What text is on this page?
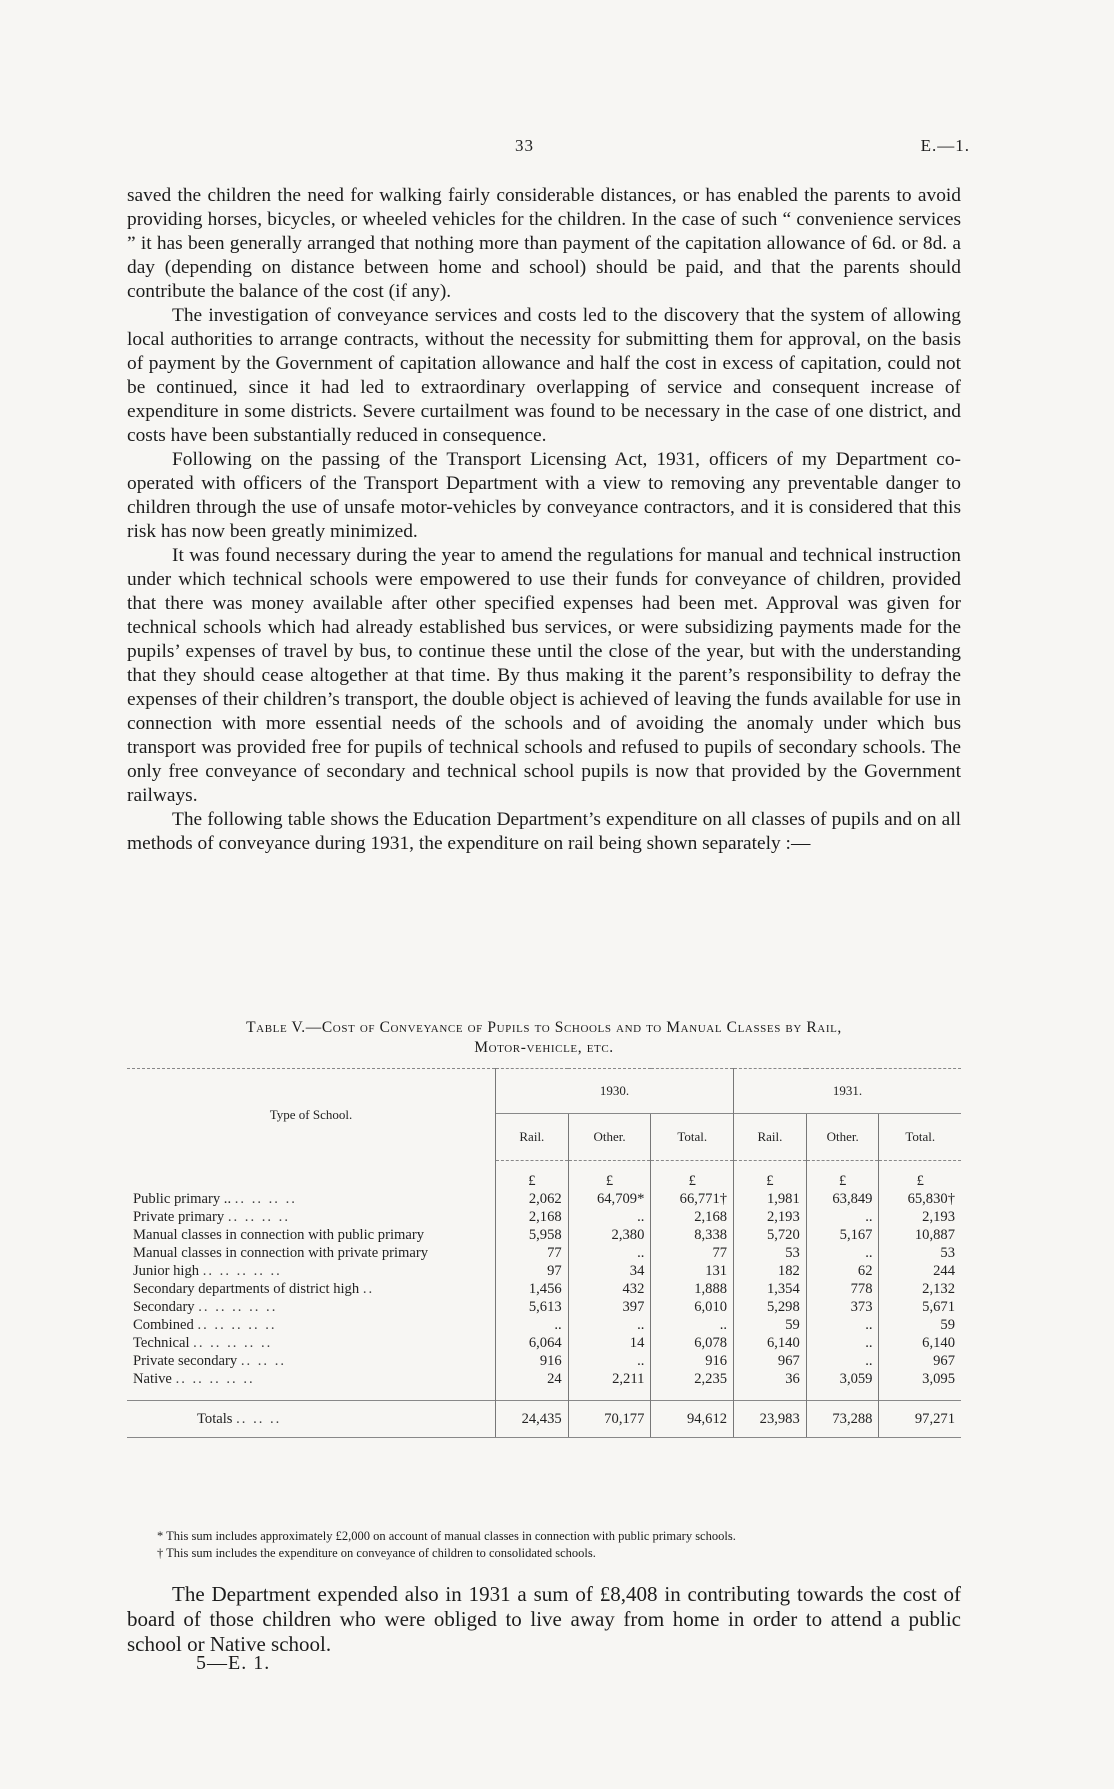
33	E.—1.

saved the children the need for walking fairly considerable distances, or has enabled the parents to avoid providing horses, bicycles, or wheeled vehicles for the children. In the case of such “ convenience services ” it has been generally arranged that nothing more than payment of the capitation allowance of 6d. or 8d. a day (depending on distance between home and school) should be paid, and that the parents should contribute the balance of the cost (if any).

The investigation of conveyance services and costs led to the discovery that the system of allowing local authorities to arrange contracts, without the necessity for submitting them for approval, on the basis of payment by the Government of capitation allowance and half the cost in excess of capitation, could not be continued, since it had led to extraordinary overlapping of service and consequent increase of expenditure in some districts. Severe curtailment was found to be necessary in the case of one district, and costs have been substantially reduced in consequence.

Following on the passing of the Transport Licensing Act, 1931, officers of my Department co-operated with officers of the Transport Department with a view to removing any preventable danger to children through the use of unsafe motor-vehicles by conveyance contractors, and it is considered that this risk has now been greatly minimized.

It was found necessary during the year to amend the regulations for manual and technical instruction under which technical schools were empowered to use their funds for conveyance of children, provided that there was money available after other specified expenses had been met. Approval was given for technical schools which had already established bus services, or were subsidizing payments made for the pupils’ expenses of travel by bus, to continue these until the close of the year, but with the understanding that they should cease altogether at that time. By thus making it the parent’s responsibility to defray the expenses of their children’s transport, the double object is achieved of leaving the funds available for use in connection with more essential needs of the schools and of avoiding the anomaly under which bus transport was provided free for pupils of technical schools and refused to pupils of secondary schools. The only free conveyance of secondary and technical school pupils is now that provided by the Government railways.

The following table shows the Education Department’s expenditure on all classes of pupils and on all methods of conveyance during 1931, the expenditure on rail being shown separately :—

Table V.—Cost of Conveyance of Pupils to Schools and to Manual Classes by Rail,
Motor-vehicle, etc.
Type of School.	1930.			1931.		
	Rail.	Other.	Total.	Rail.	Other.	Total.
	£	£	£	£	£	£
Public primary .. .. .. .. ..	2,062	64,709*	66,771†	1,981	63,849	65,830†
Private primary .. .. .. ..	2,168	..	2,168	2,193	..	2,193
Manual classes in connection with public primary	5,958	2,380	8,338	5,720	5,167	10,887
Manual classes in connection with private primary	77	..	77	53	..	53
Junior high .. .. .. .. ..	97	34	131	182	62	244
Secondary departments of district high ..	1,456	432	1,888	1,354	778	2,132
Secondary .. .. .. .. ..	5,613	397	6,010	5,298	373	5,671
Combined .. .. .. .. ..	..	..	..	59	..	59
Technical .. .. .. .. ..	6,064	14	6,078	6,140	..	6,140
Private secondary .. .. ..	916	..	916	967	..	967
Native .. .. .. .. ..	24	2,211	2,235	36	3,059	3,095
Totals .. .. ..	24,435	70,177	94,612	23,983	73,288	97,271

* This sum includes approximately £2,000 on account of manual classes in connection with public primary schools.

† This sum includes the expenditure on conveyance of children to consolidated schools.

The Department expended also in 1931 a sum of £8,408 in contributing towards the cost of board of those children who were obliged to live away from home in order to attend a public school or Native school.

5—E. 1.
